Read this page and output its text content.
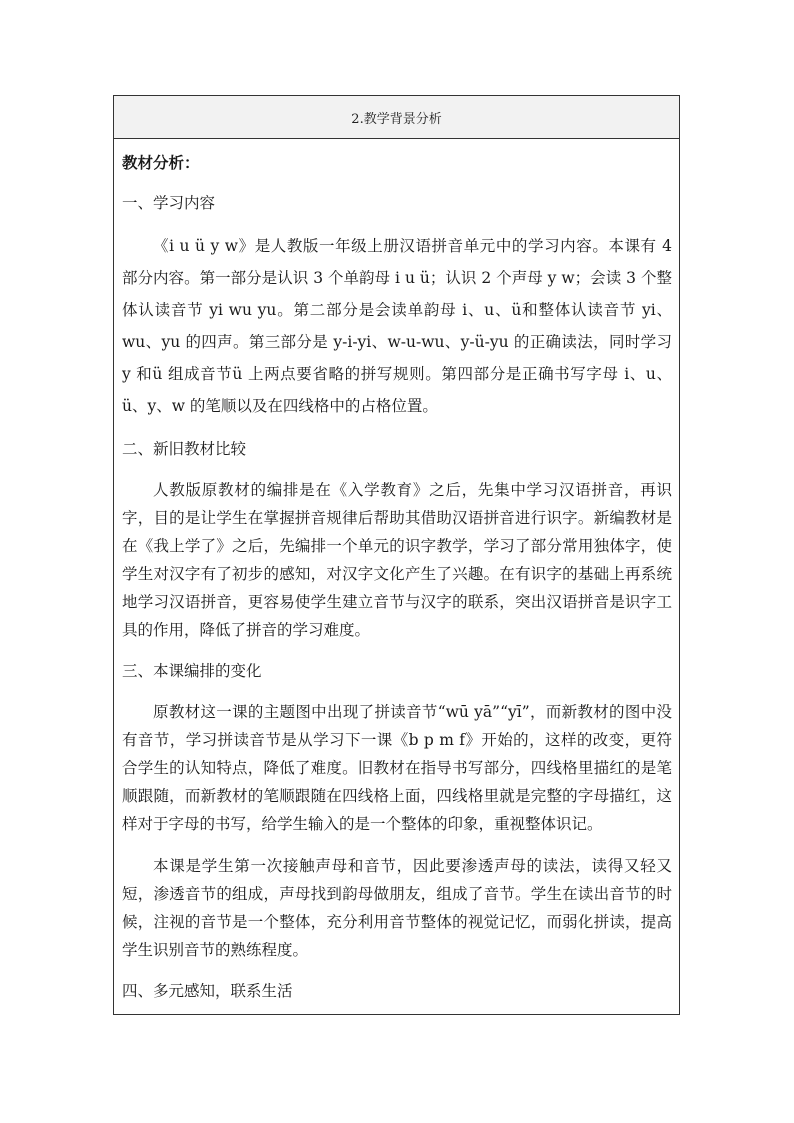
2.教学背景分析

教材分析：

一、学习内容

《i u ü y w》是人教版一年级上册汉语拼音单元中的学习内容。本课有 4 部分内容。第一部分是认识 3 个单韵母 i u ü；认识 2 个声母 y w；会读 3 个整体认读音节 yi wu yu。第二部分是会读单韵母 i、u、ü和整体认读音节 yi、wu、yu 的四声。第三部分是 y-i-yi、w-u-wu、y-ü-yu 的正确读法，同时学习 y 和ü 组成音节ü 上两点要省略的拼写规则。第四部分是正确书写字母 i、u、ü、y、w 的笔顺以及在四线格中的占格位置。

二、新旧教材比较

人教版原教材的编排是在《入学教育》之后，先集中学习汉语拼音，再识字，目的是让学生在掌握拼音规律后帮助其借助汉语拼音进行识字。新编教材是在《我上学了》之后，先编排一个单元的识字教学，学习了部分常用独体字，使学生对汉字有了初步的感知，对汉字文化产生了兴趣。在有识字的基础上再系统地学习汉语拼音，更容易使学生建立音节与汉字的联系，突出汉语拼音是识字工具的作用，降低了拼音的学习难度。

三、本课编排的变化

原教材这一课的主题图中出现了拼读音节“wū yā”“yī”，而新教材的图中没有音节，学习拼读音节是从学习下一课《b p m f》开始的，这样的改变，更符合学生的认知特点，降低了难度。旧教材在指导书写部分，四线格里描红的是笔顺跟随，而新教材的笔顺跟随在四线格上面，四线格里就是完整的字母描红，这样对于字母的书写，给学生输入的是一个整体的印象，重视整体识记。

本课是学生第一次接触声母和音节，因此要渗透声母的读法，读得又轻又短，渗透音节的组成，声母找到韵母做朋友，组成了音节。学生在读出音节的时候，注视的音节是一个整体，充分利用音节整体的视觉记忆，而弱化拼读，提高学生识别音节的熟练程度。

四、多元感知，联系生活
